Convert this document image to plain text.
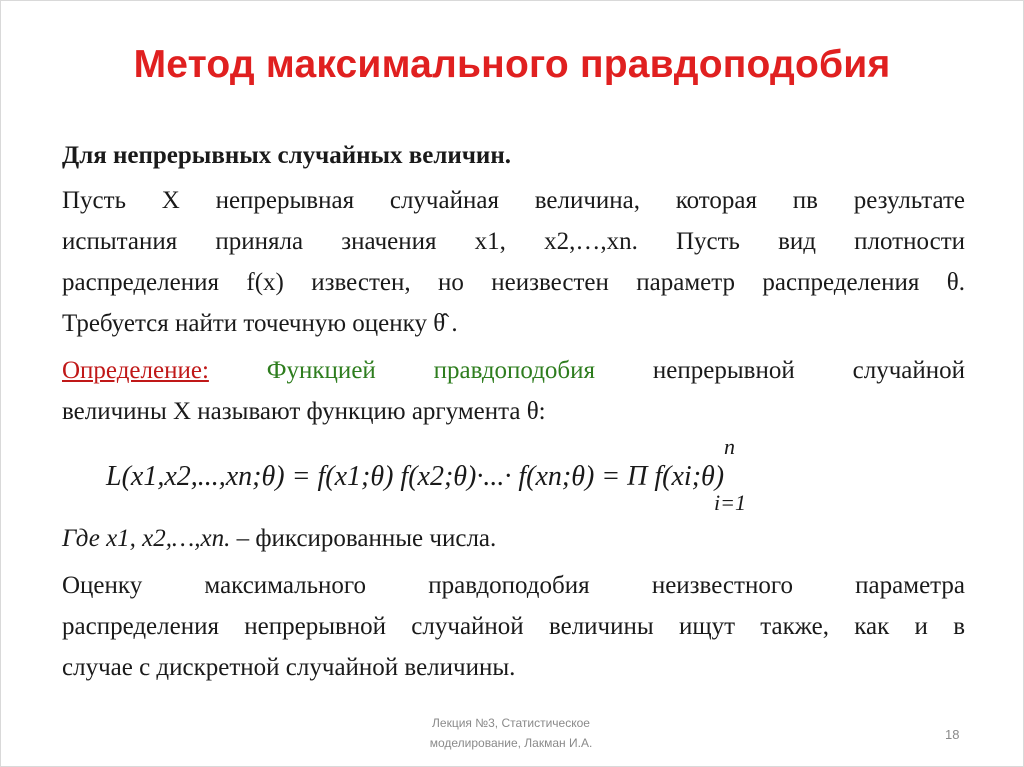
Метод максимального правдоподобия
Для непрерывных случайных величин.
Пусть X непрерывная случайная величина, которая пв результате
испытания приняла значения x1, x2,…,xn. Пусть вид плотности
распределения f(x) известен, но неизвестен параметр распределения θ.
Требуется найти точечную оценку θ̂ .
Определение: Функцией правдоподобия непрерывной случайной
величины X называют функцию аргумента θ:
n
L(x1,x2,...,xn;θ) = f(x1;θ) f(x2;θ)·...· f(xn;θ) = Π f(xi;θ)
i=1
Где x1, x2,…,xn. – фиксированные числа.
Оценку максимального правдоподобия неизвестного параметра
распределения непрерывной случайной величины ищут также, как и в
случае с дискретной случайной величины.
Лекция №3, Статистическое
моделирование, Лакман И.А.
18
